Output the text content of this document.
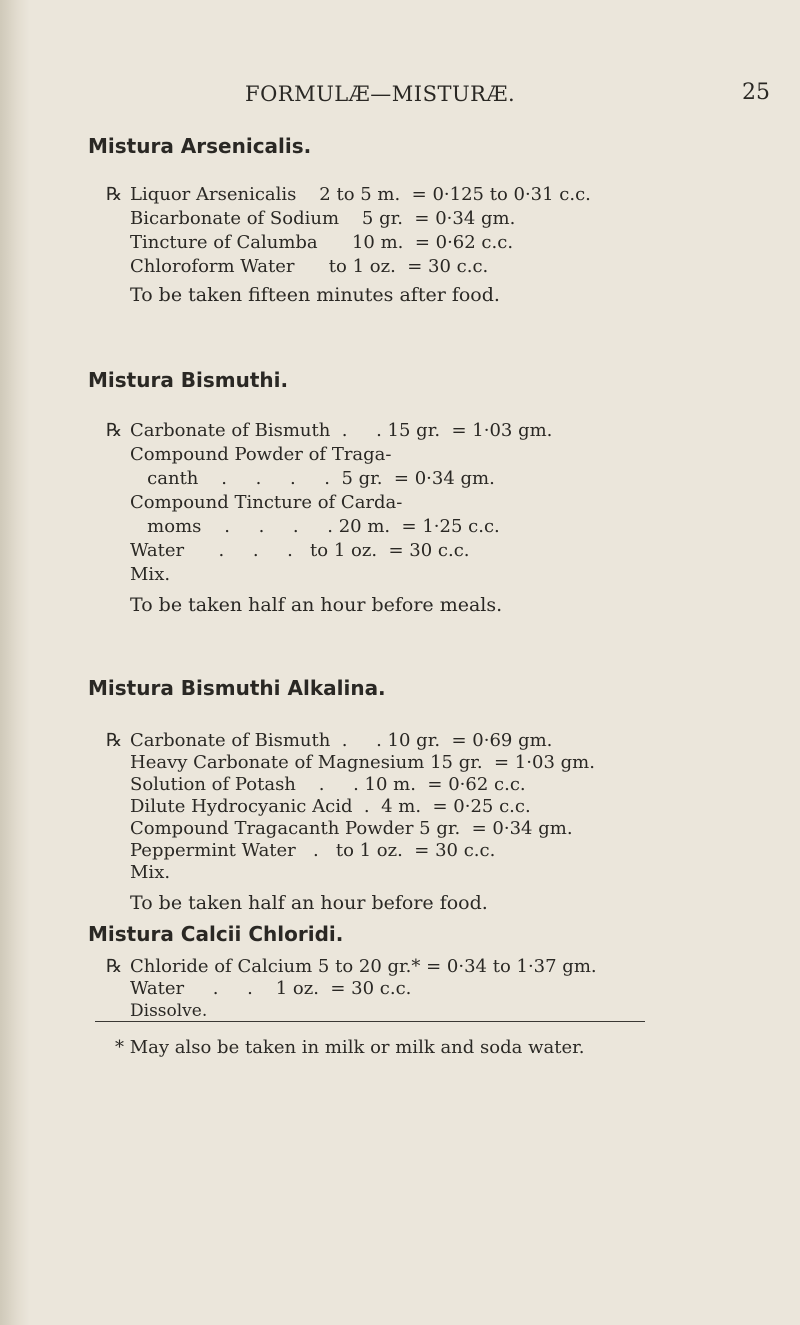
FORMULÆ—MISTURÆ.	25
Mistura Arsenicalis.
℞ Liquor Arsenicalis    2 to 5 m.  = 0·125 to 0·31 c.c.
Bicarbonate of Sodium    5 gr.  = 0·34 gm.
Tincture of Calumba      10 m.  = 0·62 c.c.
Chloroform Water      to 1 oz.  = 30 c.c.
To be taken fifteen minutes after food.
Mistura Bismuthi.
℞ Carbonate of Bismuth  .     . 15 gr.  = 1·03 gm.
Compound Powder of Traga-
canth    .     .     .     .  5 gr.  = 0·34 gm.
Compound Tincture of Carda-
moms    .     .     .     . 20 m.  = 1·25 c.c.
Water      .     .     .   to 1 oz.  = 30 c.c.
Mix.
To be taken half an hour before meals.
Mistura Bismuthi Alkalina.
℞ Carbonate of Bismuth  .     . 10 gr.  = 0·69 gm.
Heavy Carbonate of Magnesium 15 gr.  = 1·03 gm.
Solution of Potash    .     . 10 m.  = 0·62 c.c.
Dilute Hydrocyanic Acid  .  4 m.  = 0·25 c.c.
Compound Tragacanth Powder 5 gr.  = 0·34 gm.
Peppermint Water   .   to 1 oz.  = 30 c.c.
Mix.
To be taken half an hour before food.
Mistura Calcii Chloridi.
℞ Chloride of Calcium 5 to 20 gr.* = 0·34 to 1·37 gm.
Water     .     .    1 oz.  = 30 c.c.
* May also be taken in milk or milk and soda water.
Dissolve.
